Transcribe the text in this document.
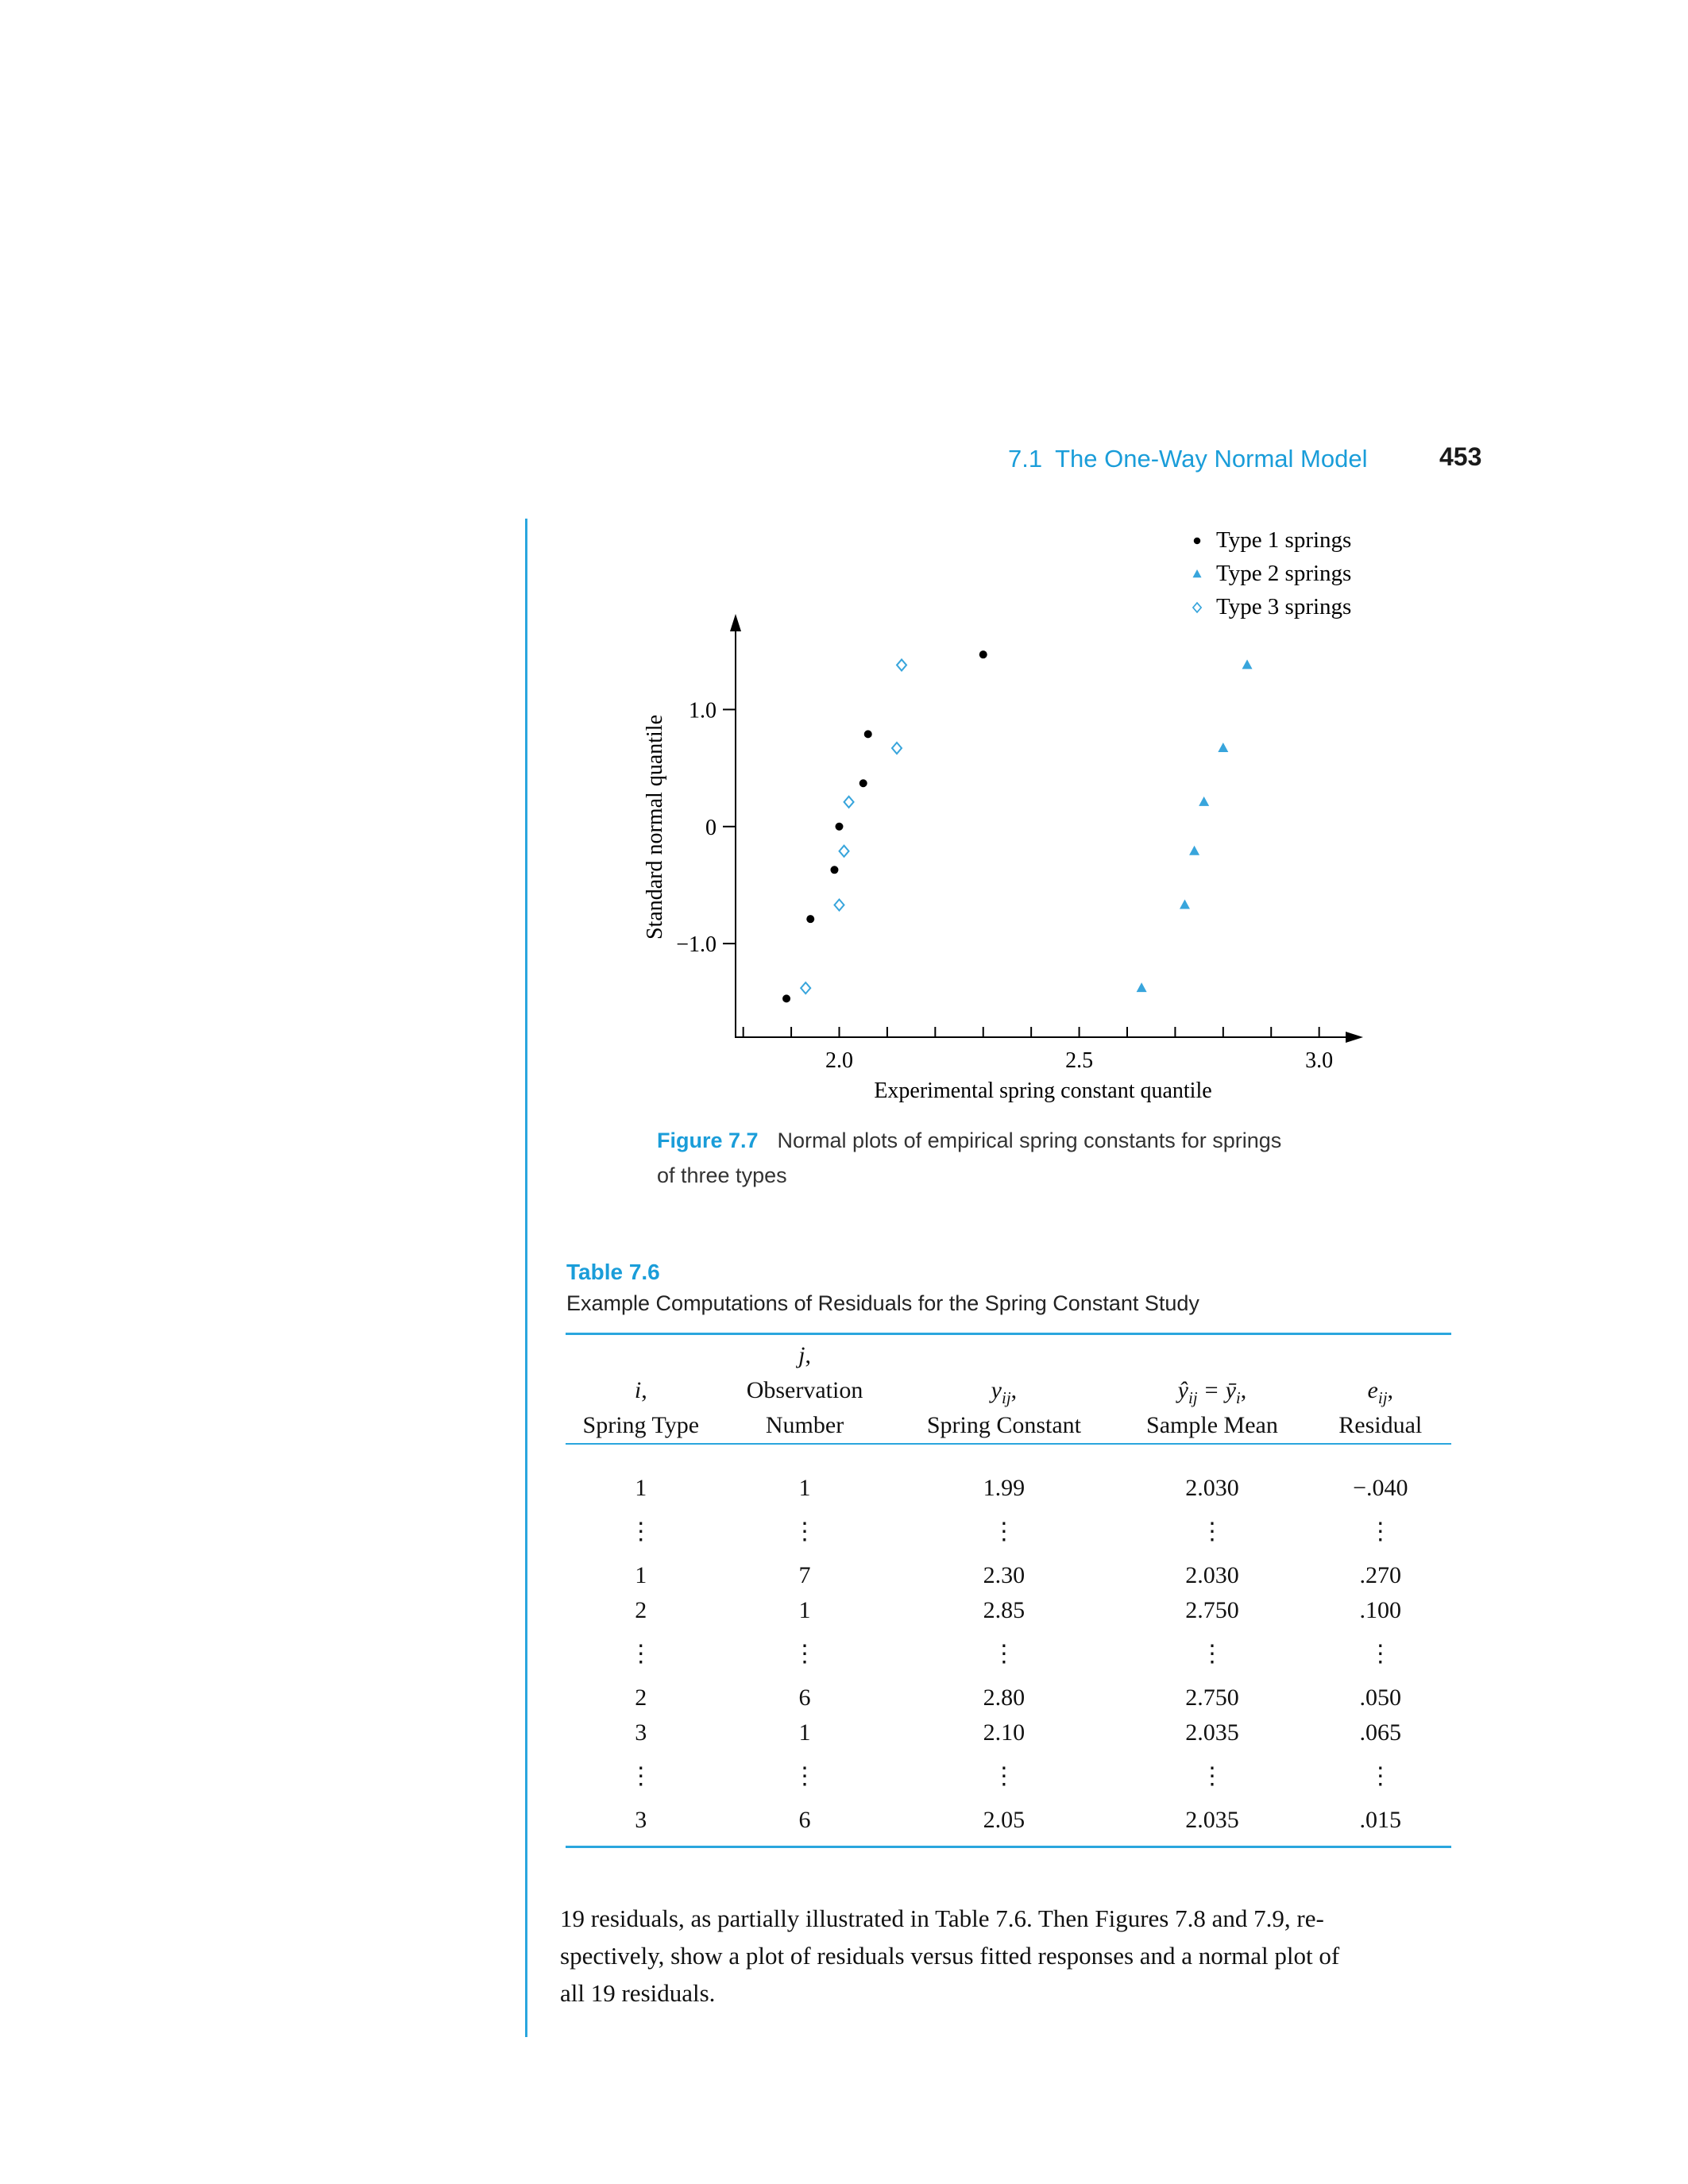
7.1 The One-Way Normal Model	453
Type 1 springs
Type 2 springs
Type 3 springs
2.0	2.5	3.0
1.0
0
−1.0
Experimental spring constant quantile
Standard normal quantile
Figure 7.7 Normal plots of empirical spring constants for springs
of three types
Table 7.6
Example Computations of Residuals for the Spring Constant Study
j,
i,	Observation	$y_{ij}$,	$ŷ_{ij}$ = $ȳ_i$,	$e_{ij}$,
Spring Type	Number	Spring Constant	Sample Mean	Residual
1	1	1.99	2.030	−.040
⋮	⋮	⋮	⋮	⋮
1	7	2.30	2.030	.270
2	1	2.85	2.750	.100
⋮	⋮	⋮	⋮	⋮
2	6	2.80	2.750	.050
3	1	2.10	2.035	.065
⋮	⋮	⋮	⋮	⋮
3	6	2.05	2.035	.015
19 residuals, as partially illustrated in Table 7.6. Then Figures 7.8 and 7.9, re-
spectively, show a plot of residuals versus fitted responses and a normal plot of
all 19 residuals.
